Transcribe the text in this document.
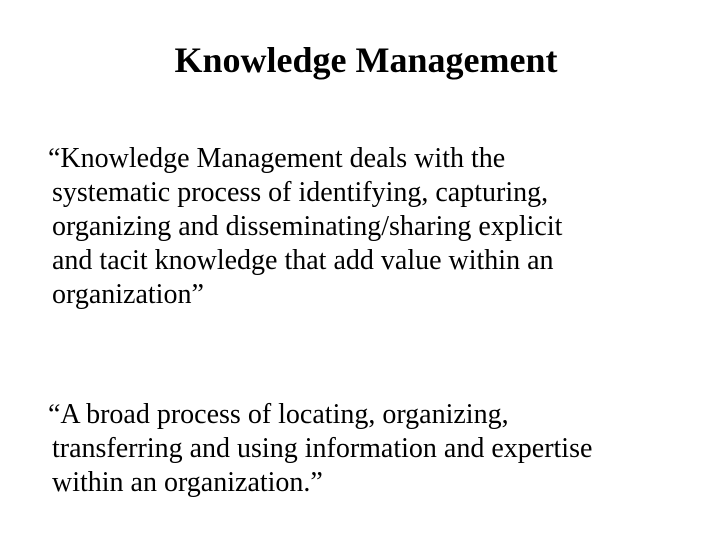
Knowledge Management
“Knowledge Management deals with the
systematic process of identifying, capturing,
organizing and disseminating/sharing explicit
and tacit knowledge that add value within an
organization”
“A broad process of locating, organizing,
transferring and using information and expertise
within an organization.”
